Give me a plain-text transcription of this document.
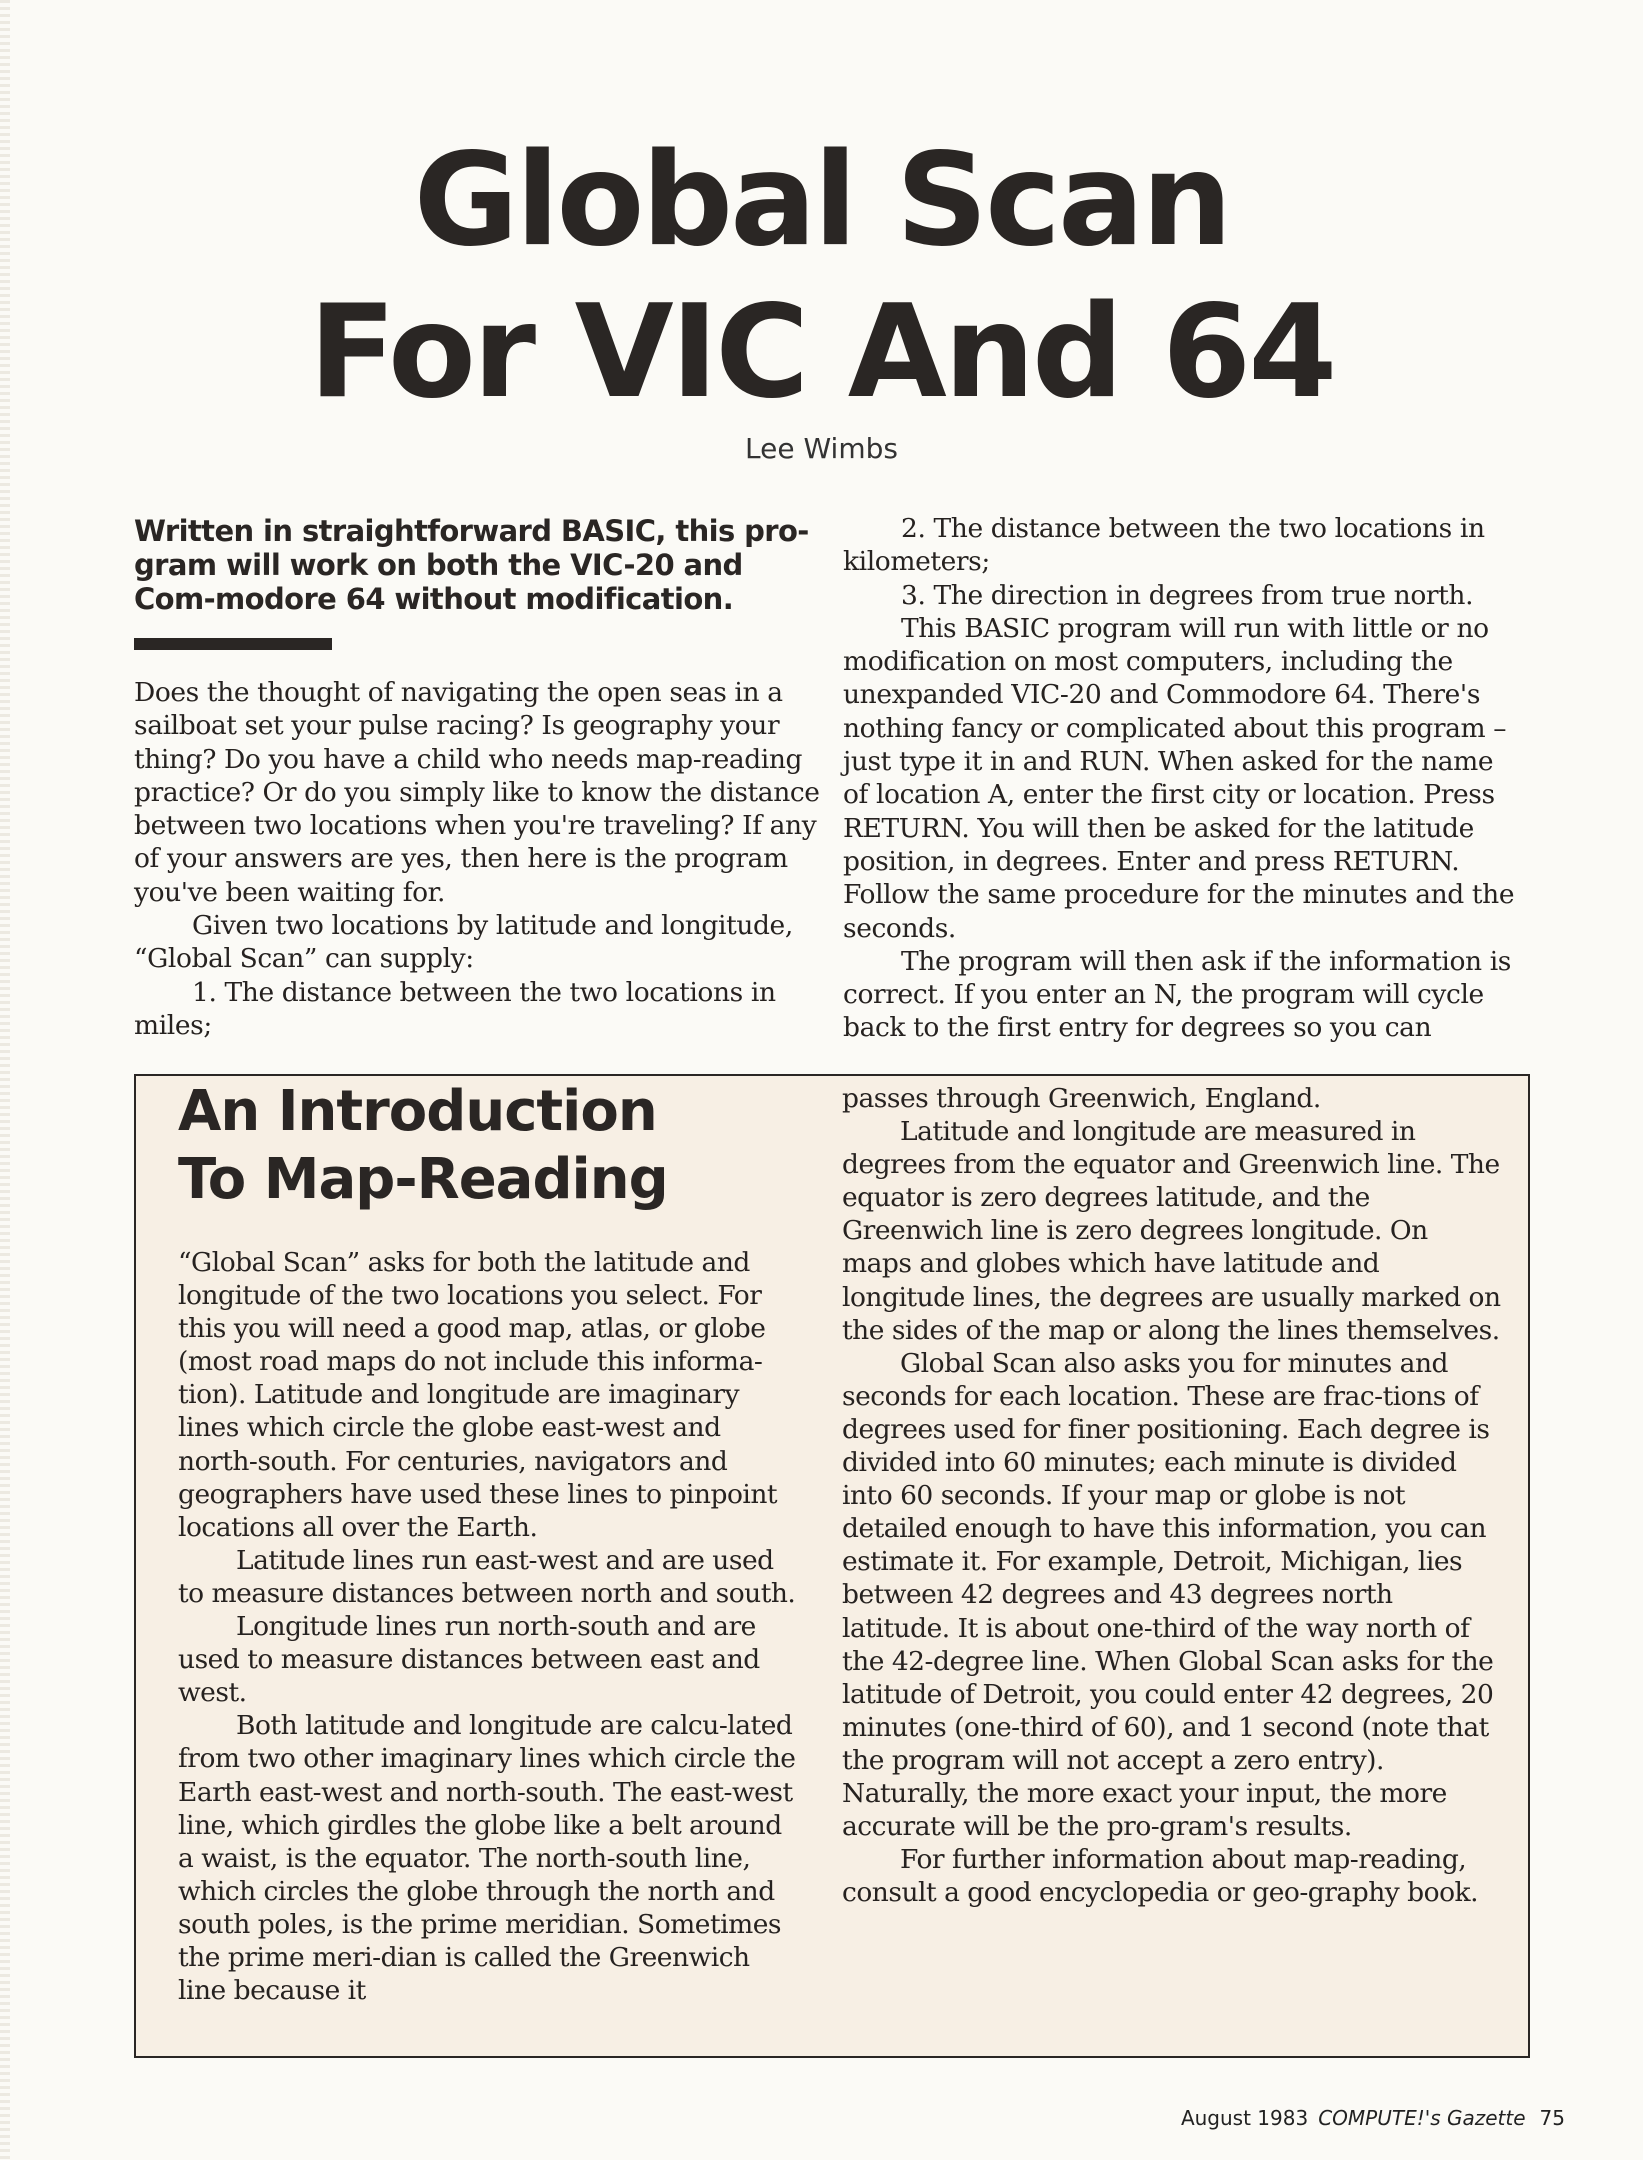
Global Scan
For VIC And 64
Lee Wimbs
Written in straightforward BASIC, this pro-gram will work on both the VIC-20 and Com-modore 64 without modification.

Does the thought of navigating the open seas in a sailboat set your pulse racing? Is geography your thing? Do you have a child who needs map-reading practice? Or do you simply like to know the distance between two locations when you're traveling? If any of your answers are yes, then here is the program you've been waiting for.

Given two locations by latitude and longitude, “Global Scan” can supply:

1. The distance between the two locations in miles;

2. The distance between the two locations in kilometers;

3. The direction in degrees from true north.

This BASIC program will run with little or no modification on most computers, including the unexpanded VIC-20 and Commodore 64. There's nothing fancy or complicated about this program – just type it in and RUN. When asked for the name of location A, enter the first city or location. Press RETURN. You will then be asked for the latitude position, in degrees. Enter and press RETURN. Follow the same procedure for the minutes and the seconds.

The program will then ask if the information is correct. If you enter an N, the program will cycle back to the first entry for degrees so you can

An Introduction
To Map-Reading

“Global Scan” asks for both the latitude and longitude of the two locations you select. For this you will need a good map, atlas, or globe (most road maps do not include this informa-tion). Latitude and longitude are imaginary lines which circle the globe east-west and north-south. For centuries, navigators and geographers have used these lines to pinpoint locations all over the Earth.

Latitude lines run east-west and are used to measure distances between north and south.

Longitude lines run north-south and are used to measure distances between east and west.

Both latitude and longitude are calcu-lated from two other imaginary lines which circle the Earth east-west and north-south. The east-west line, which girdles the globe like a belt around a waist, is the equator. The north-south line, which circles the globe through the north and south poles, is the prime meridian. Sometimes the prime meri-dian is called the Greenwich line because it

passes through Greenwich, England.

Latitude and longitude are measured in degrees from the equator and Greenwich line. The equator is zero degrees latitude, and the Greenwich line is zero degrees longitude. On maps and globes which have latitude and longitude lines, the degrees are usually marked on the sides of the map or along the lines themselves.

Global Scan also asks you for minutes and seconds for each location. These are frac-tions of degrees used for finer positioning. Each degree is divided into 60 minutes; each minute is divided into 60 seconds. If your map or globe is not detailed enough to have this information, you can estimate it. For example, Detroit, Michigan, lies between 42 degrees and 43 degrees north latitude. It is about one-third of the way north of the 42-degree line. When Global Scan asks for the latitude of Detroit, you could enter 42 degrees, 20 minutes (one-third of 60), and 1 second (note that the program will not accept a zero entry). Naturally, the more exact your input, the more accurate will be the pro-gram's results.

For further information about map-reading, consult a good encyclopedia or geo-graphy book.

August 1983 COMPUTE!'s Gazette 75
